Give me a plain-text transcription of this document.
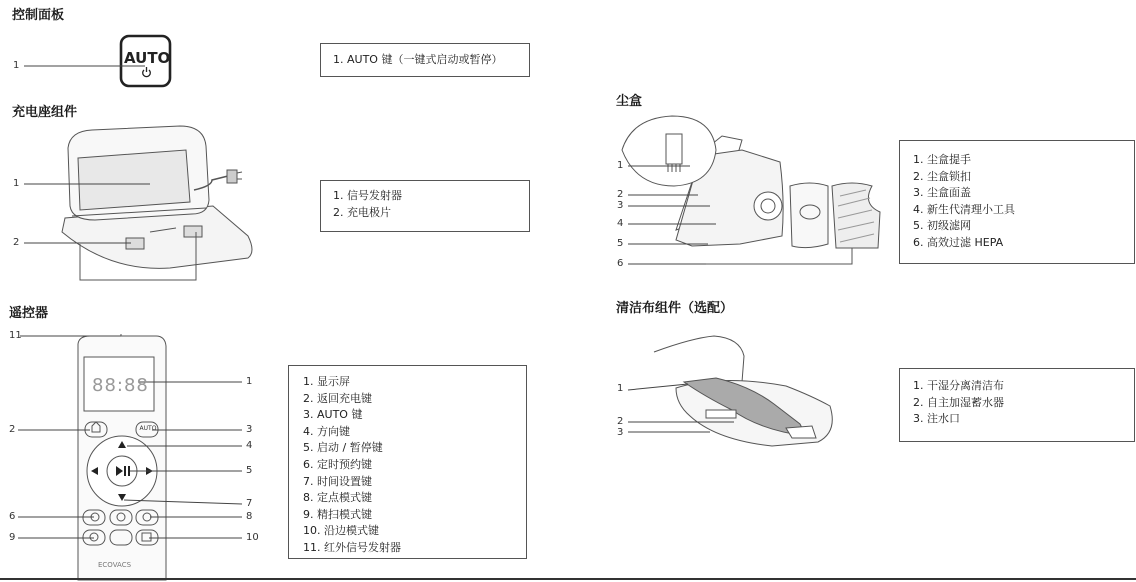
控制面板
充电座组件
遥控器
尘盒
清洁布组件（选配）
AUTO
88:88
AUTO
ECOVACS
1
1
2
11
1
2	3
4
5
7
6	8
9	10
1
2
3
4
5
6
1
2
3
1. AUTO 键（一键式启动或暂停）
1. 信号发射器
2. 充电极片
1. 显示屏
2. 返回充电键
3. AUTO 键
4. 方向键
5. 启动 / 暂停键
6. 定时预约键
7. 时间设置键
8. 定点模式键
9. 精扫模式键
10. 沿边模式键
11. 红外信号发射器
1. 尘盒提手
2. 尘盒锁扣
3. 尘盒面盖
4. 新生代清理小工具
5. 初级滤网
6. 高效过滤 HEPA
1. 干湿分离清洁布
2. 自主加湿蓄水器
3. 注水口
